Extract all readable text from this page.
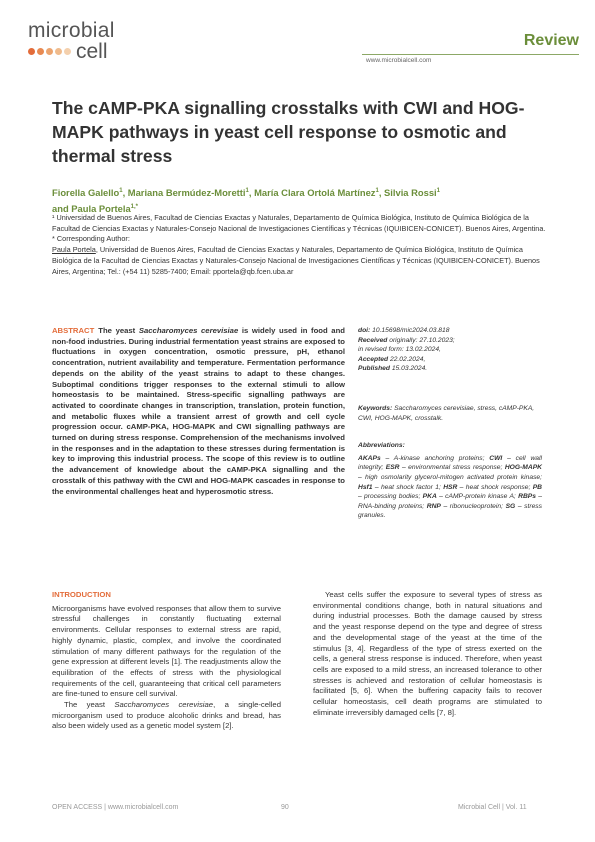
microbial
cell	Review
www.microbialcell.com
The cAMP-PKA signalling crosstalks with CWI and HOG-MAPK pathways in yeast cell response to osmotic and thermal stress
Fiorella Galello$^1$, Mariana Bermúdez-Moretti$^1$, María Clara Ortolá Martínez$^1$, Silvia Rossi$^1$
and Paula Portela$^{1,*}$
¹ Universidad de Buenos Aires, Facultad de Ciencias Exactas y Naturales, Departamento de Química Biológica, Instituto de Química Biológica de la Facultad de Ciencias Exactas y Naturales-Consejo Nacional de Investigaciones Científicas y Técnicas (IQUIBICEN-CONICET). Buenos Aires, Argentina.
* Corresponding Author:
Paula Portela, Universidad de Buenos Aires, Facultad de Ciencias Exactas y Naturales, Departamento de Química Biológica, Instituto de Química Biológica de la Facultad de Ciencias Exactas y Naturales-Consejo Nacional de Investigaciones Científicas y Técnicas (IQUIBICEN-CONICET). Buenos Aires, Argentina; Tel.: (+54 11) 5285-7400; Email: pportela@qb.fcen.uba.ar
ABSTRACT The yeast Saccharomyces cerevisiae is widely used in food and non-food industries. During industrial fermentation yeast strains are exposed to fluctuations in oxygen concentration, osmotic pressure, pH, ethanol concentration, nutrient availability and temperature. Fermentation performance depends on the ability of the yeast strains to adapt to these changes. Suboptimal conditions trigger responses to the external stimuli to allow homeostasis to be maintained. Stress-specific signalling pathways are activated to coordinate changes in transcription, translation, protein function, and metabolic fluxes while a transient arrest of growth and cell cycle progression occur. cAMP-PKA, HOG-MAPK and CWI signalling pathways are turned on during stress response. Comprehension of the mechanisms involved in the responses and in the adaptation to these stresses during fermentation is key to improving this industrial process. The scope of this review is to outline the advancement of knowledge about the cAMP-PKA signalling and the crosstalk of this pathway with the CWI and HOG-MAPK cascades in response to the environmental challenges heat and hyperosmotic stress.
doi: 10.15698/mic2024.03.818
Received originally: 27.10.2023;
in revised form: 13.02.2024,
Accepted 22.02.2024,
Published 15.03.2024.
Keywords: Saccharomyces cerevisiae, stress, cAMP-PKA, CWI, HOG-MAPK, crosstalk.
Abbreviations:
AKAPs – A-kinase anchoring proteins; CWI – cell wall integrity; ESR – environmental stress response; HOG-MAPK – high osmolarity glycerol-mitogen activated protein kinase; Hsf1 – heat shock factor 1; HSR – heat shock response; PB – processing bodies; PKA – cAMP-protein kinase A; RBPs – RNA-binding proteins; RNP – ribonucleoprotein; SG – stress granules.
INTRODUCTION

Microorganisms have evolved responses that allow them to survive stressful challenges in constantly fluctuating external environments. Cellular responses to external stress are rapid, highly dynamic, plastic, complex, and involve the coordinated stimulation of many different pathways for the regulation of the gene expression at different levels [1]. The readjustments allow the equilibration of the effects of stress with the physiological requirements of the cell, guaranteeing that critical cell parameters are fine-tuned to ensure cell survival.

The yeast Saccharomyces cerevisiae, a single-celled microorganism used to produce alcoholic drinks and bread, has also been widely used as a genetic model system [2].

Yeast cells suffer the exposure to several types of stress as environmental conditions change, both in natural situations and during industrial processes. Both the damage caused by stress and the yeast response depend on the type and degree of stress and the developmental stage of the yeast at the time of the stimulus [3, 4]. Regardless of the type of stress exerted on the cells, a general stress response is induced. Therefore, when yeast cells are exposed to a mild stress, an increased tolerance to other stresses is achieved and restoration of cellular homeostasis is facilitated [5, 6]. When the buffering capacity fails to recover cellular homeostasis, cell death programs are stimulated to eliminate irreversibly damaged cells [7, 8].

OPEN ACCESS | www.microbialcell.com	90	Microbial Cell | Vol. 11
